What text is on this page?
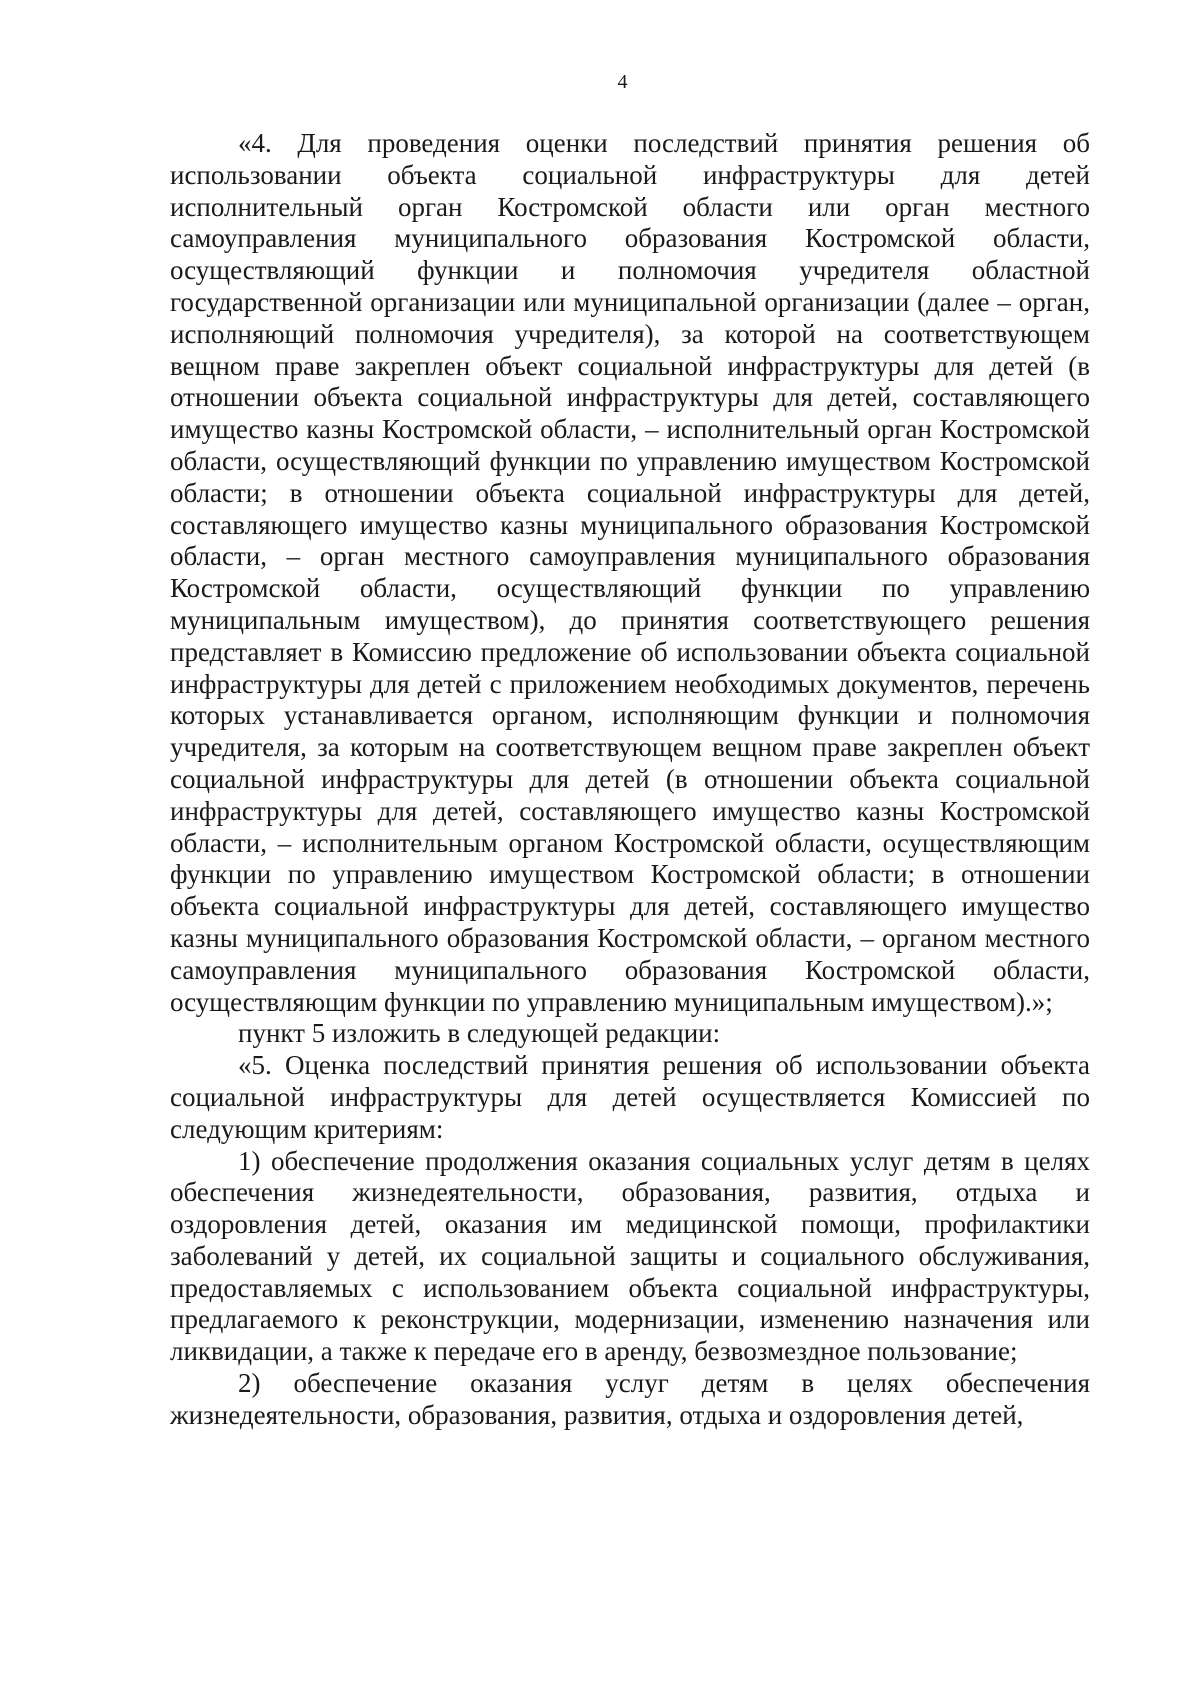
4

«4. Для проведения оценки последствий принятия решения об использовании объекта социальной инфраструктуры для детей исполнительный орган Костромской области или орган местного самоуправления муниципального образования Костромской области, осуществляющий функции и полномочия учредителя областной государственной организации или муниципальной организации (далее – орган, исполняющий полномочия учредителя), за которой на соответствующем вещном праве закреплен объект социальной инфраструктуры для детей (в отношении объекта социальной инфраструктуры для детей, составляющего имущество казны Костромской области, – исполнительный орган Костромской области, осуществляющий функции по управлению имуществом Костромской области; в отношении объекта социальной инфраструктуры для детей, составляющего имущество казны муниципального образования Костромской области, – орган местного самоуправления муниципального образования Костромской области, осуществляющий функции по управлению муниципальным имуществом), до принятия соответствующего решения представляет в Комиссию предложение об использовании объекта социальной инфраструктуры для детей с приложением необходимых документов, перечень которых устанавливается органом, исполняющим функции и полномочия учредителя, за которым на соответствующем вещном праве закреплен объект социальной инфраструктуры для детей (в отношении объекта социальной инфраструктуры для детей, составляющего имущество казны Костромской области, – исполнительным органом Костромской области, осуществляющим функции по управлению имуществом Костромской области; в отношении объекта социальной инфраструктуры для детей, составляющего имущество казны муниципального образования Костромской области, – органом местного самоуправления муниципального образования Костромской области, осуществляющим функции по управлению муниципальным имуществом).»;

пункт 5 изложить в следующей редакции:

«5. Оценка последствий принятия решения об использовании объекта социальной инфраструктуры для детей осуществляется Комиссией по следующим критериям:

1) обеспечение продолжения оказания социальных услуг детям в целях обеспечения жизнедеятельности, образования, развития, отдыха и оздоровления детей, оказания им медицинской помощи, профилактики заболеваний у детей, их социальной защиты и социального обслуживания, предоставляемых с использованием объекта социальной инфраструктуры, предлагаемого к реконструкции, модернизации, изменению назначения или ликвидации, а также к передаче его в аренду, безвозмездное пользование;

2) обеспечение оказания услуг детям в целях обеспечения жизнедеятельности, образования, развития, отдыха и оздоровления детей,
